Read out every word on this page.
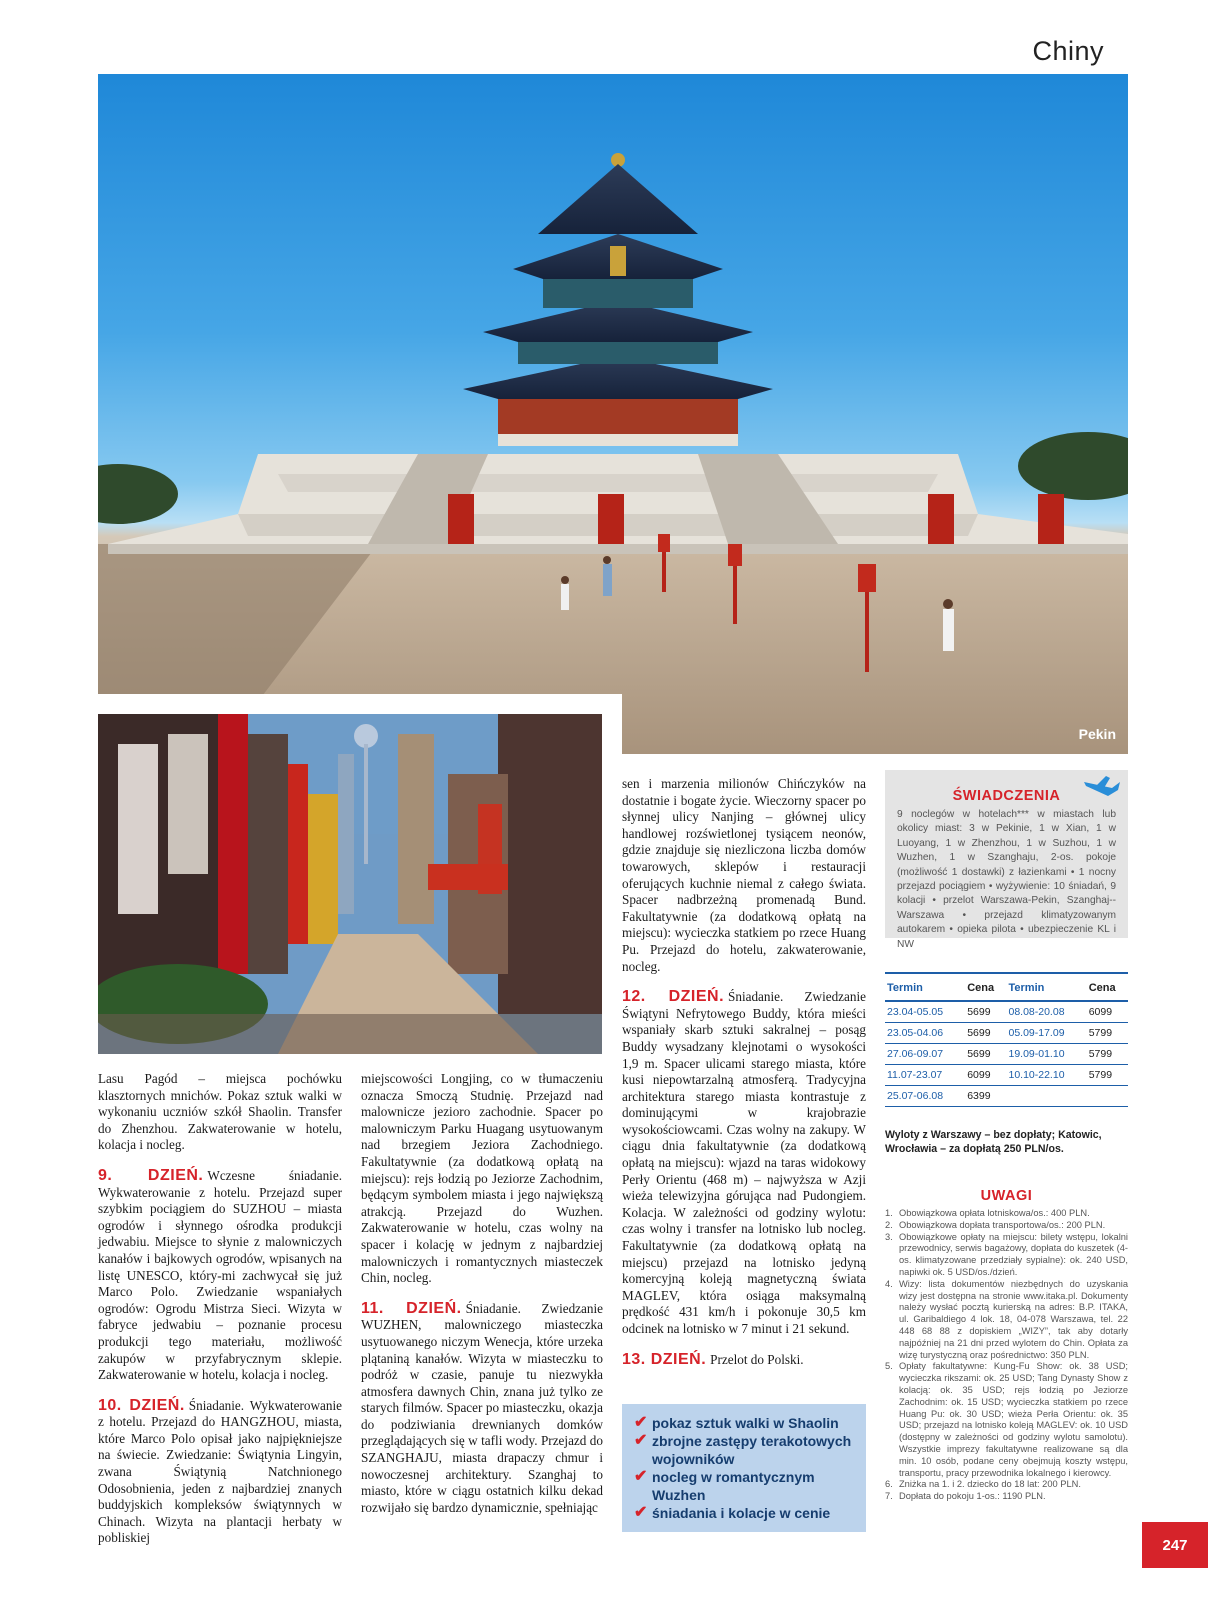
Chiny
Pekin

Lasu Pagód – miejsca pochówku klasztornych mnichów. Pokaz sztuk walki w wykonaniu uczniów szkół Shaolin. Transfer do Zhenzhou. Zakwaterowanie w hotelu, kolacja i nocleg.

9. DZIEŃ. Wczesne śniadanie. Wykwaterowanie z hotelu. Przejazd super szybkim pociągiem do SUZHOU – miasta ogrodów i słynnego ośrodka produkcji jedwabiu. Miejsce to słynie z malowniczych kanałów i bajkowych ogrodów, wpisanych na listę UNESCO, który-mi zachwycał się już Marco Polo. Zwiedzanie wspaniałych ogrodów: Ogrodu Mistrza Sieci. Wizyta w fabryce jedwabiu – poznanie procesu produkcji tego materiału, możliwość zakupów w przyfabrycznym sklepie. Zakwaterowanie w hotelu, kolacja i nocleg.

10. DZIEŃ. Śniadanie. Wykwaterowanie z hotelu. Przejazd do HANGZHOU, miasta, które Marco Polo opisał jako najpiękniejsze na świecie. Zwiedzanie: Świątynia Lingyin, zwana Świątynią Natchnionego Odosobnienia, jeden z najbardziej znanych buddyjskich kompleksów świątynnych w Chinach. Wizyta na plantacji herbaty w pobliskiej

miejscowości Longjing, co w tłumaczeniu oznacza Smoczą Studnię. Przejazd nad malownicze jezioro zachodnie. Spacer po malowniczym Parku Huagang usytuowanym nad brzegiem Jeziora Zachodniego. Fakultatywnie (za dodatkową opłatą na miejscu): rejs łodzią po Jeziorze Zachodnim, będącym symbolem miasta i jego największą atrakcją. Przejazd do Wuzhen. Zakwaterowanie w hotelu, czas wolny na spacer i kolację w jednym z najbardziej malowniczych i romantycznych miasteczek Chin, nocleg.

11. DZIEŃ. Śniadanie. Zwiedzanie WUZHEN, malowniczego miasteczka usytuowanego niczym Wenecja, które urzeka plątaniną kanałów. Wizyta w miasteczku to podróż w czasie, panuje tu niezwykła atmosfera dawnych Chin, znana już tylko ze starych filmów. Spacer po miasteczku, okazja do podziwiania drewnianych domków przeglądających się w tafli wody. Przejazd do SZANGHAJU, miasta drapaczy chmur i nowoczesnej architektury. Szanghaj to miasto, które w ciągu ostatnich kilku dekad rozwijało się bardzo dynamicznie, spełniając

sen i marzenia milionów Chińczyków na dostatnie i bogate życie. Wieczorny spacer po słynnej ulicy Nanjing – głównej ulicy handlowej rozświetlonej tysiącem neonów, gdzie znajduje się niezliczona liczba domów towarowych, sklepów i restauracji oferujących kuchnie niemal z całego świata. Spacer nadbrzeżną promenadą Bund. Fakultatywnie (za dodatkową opłatą na miejscu): wycieczka statkiem po rzece Huang Pu. Przejazd do hotelu, zakwaterowanie, nocleg.

12. DZIEŃ. Śniadanie. Zwiedzanie Świątyni Nefrytowego Buddy, która mieści wspaniały skarb sztuki sakralnej – posąg Buddy wysadzany klejnotami o wysokości 1,9 m. Spacer ulicami starego miasta, które kusi niepowtarzalną atmosferą. Tradycyjna architektura starego miasta kontrastuje z dominującymi w krajobrazie wysokościowcami. Czas wolny na zakupy. W ciągu dnia fakultatywnie (za dodatkową opłatą na miejscu): wjazd na taras widokowy Perły Orientu (468 m) – najwyższa w Azji wieża telewizyjna górująca nad Pudongiem. Kolacja. W zależności od godziny wylotu: czas wolny i transfer na lotnisko lub nocleg. Fakultatywnie (za dodatkową opłatą na miejscu) przejazd na lotnisko jedyną komercyjną koleją magnetyczną świata MAGLEV, która osiąga maksymalną prędkość 431 km/h i pokonuje 30,5 km odcinek na lotnisko w 7 minut i 21 sekund.

13. DZIEŃ. Przelot do Polski.

✔ pokaz sztuk walki w Shaolin
✔ zbrojne zastępy terakotowych wojowników
✔ nocleg w romantycznym Wuzhen
✔ śniadania i kolacje w cenie
ŚWIADCZENIA
9 noclegów w hotelach*** w miastach lub okolicy miast: 3 w Pekinie, 1 w Xian, 1 w Luoyang, 1 w Zhenzhou, 1 w Suzhou, 1 w Wuzhen, 1 w Szanghaju, 2-os. pokoje (możliwość 1 dostawki) z łazienkami • 1 nocny przejazd pociągiem • wyżywienie: 10 śniadań, 9 kolacji • przelot Warszawa-Pekin, Szanghaj--Warszawa • przejazd klimatyzowanym autokarem • opieka pilota • ubezpieczenie KL i NW
Termin	Cena	Termin	Cena
23.04-05.05	5699	08.08-20.08	6099
23.05-04.06	5699	05.09-17.09	5799
27.06-09.07	5699	19.09-01.10	5799
11.07-23.07	6099	10.10-22.10	5799
25.07-06.08	6399		
Wyloty z Warszawy – bez dopłaty; Katowic, Wrocławia – za dopłatą 250 PLN/os.
UWAGI
1. Obowiązkowa opłata lotniskowa/os.: 400 PLN.
2. Obowiązkowa dopłata transportowa/os.: 200 PLN.
3. Obowiązkowe opłaty na miejscu: bilety wstępu, lokalni przewodnicy, serwis bagażowy, dopłata do kuszetek (4-os. klimatyzowane przedziały sypialne): ok. 240 USD, napiwki ok. 5 USD/os./dzień.
4. Wizy: lista dokumentów niezbędnych do uzyskania wizy jest dostępna na stronie www.itaka.pl. Dokumenty należy wysłać pocztą kurierską na adres: B.P. ITAKA, ul. Garibaldiego 4 lok. 18, 04-078 Warszawa, tel. 22 448 68 88 z dopiskiem „WIZY”, tak aby dotarły najpóźniej na 21 dni przed wylotem do Chin. Opłata za wizę turystyczną oraz pośrednictwo: 350 PLN.
5. Opłaty fakultatywne: Kung-Fu Show: ok. 38 USD; wycieczka rikszami: ok. 25 USD; Tang Dynasty Show z kolacją: ok. 35 USD; rejs łodzią po Jeziorze Zachodnim: ok. 15 USD; wycieczka statkiem po rzece Huang Pu: ok. 30 USD; wieża Perła Orientu: ok. 35 USD; przejazd na lotnisko koleją MAGLEV: ok. 10 USD (dostępny w zależności od godziny wylotu samolotu). Wszystkie imprezy fakultatywne realizowane są dla min. 10 osób, podane ceny obejmują koszty wstępu, transportu, pracy przewodnika lokalnego i kierowcy.
6. Zniżka na 1. i 2. dziecko do 18 lat: 200 PLN.
7. Dopłata do pokoju 1-os.: 1190 PLN.
247
